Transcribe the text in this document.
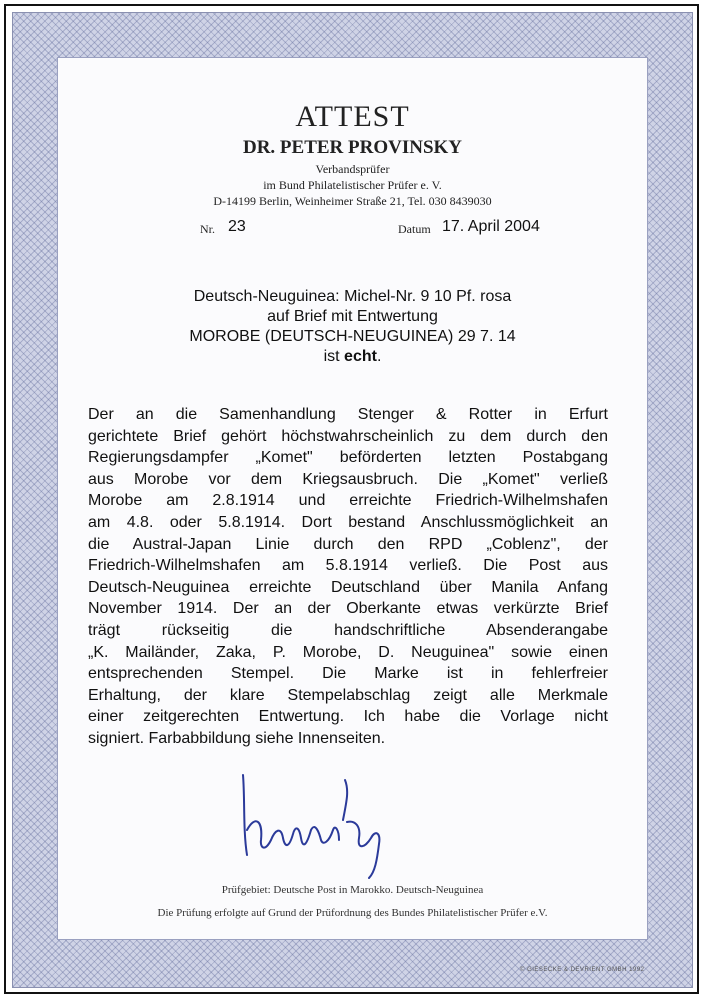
ATTEST
DR. PETER PROVINSKY
Verbandsprüfer
im Bund Philatelistischer Prüfer e. V.
D-14199 Berlin, Weinheimer Straße 21, Tel. 030 8439030
Nr. 23	Datum 17. April 2004
Deutsch-Neuguinea: Michel-Nr. 9 10 Pf. rosa
auf Brief mit Entwertung
MOROBE (DEUTSCH-NEUGUINEA) 29 7. 14
ist echt.
Der an die Samenhandlung Stenger & Rotter in Erfurt
gerichtete Brief gehört höchstwahrscheinlich zu dem durch den
Regierungsdampfer „Komet" beförderten letzten Postabgang
aus Morobe vor dem Kriegsausbruch. Die „Komet" verließ
Morobe am 2.8.1914 und erreichte Friedrich-Wilhelmshafen
am 4.8. oder 5.8.1914. Dort bestand Anschlussmöglichkeit an
die Austral-Japan Linie durch den RPD „Coblenz", der
Friedrich-Wilhelmshafen am 5.8.1914 verließ. Die Post aus
Deutsch-Neuguinea erreichte Deutschland über Manila Anfang
November 1914. Der an der Oberkante etwas verkürzte Brief
trägt rückseitig die handschriftliche Absenderangabe
„K. Mailänder, Zaka, P. Morobe, D. Neuguinea" sowie einen
entsprechenden Stempel. Die Marke ist in fehlerfreier
Erhaltung, der klare Stempelabschlag zeigt alle Merkmale
einer zeitgerechten Entwertung. Ich habe die Vorlage nicht
signiert. Farbabbildung siehe Innenseiten.
Prüfgebiet: Deutsche Post in Marokko. Deutsch-Neuguinea
Die Prüfung erfolgte auf Grund der Prüfordnung des Bundes Philatelistischer Prüfer e.V.
© GIESECKE & DEVRIENT GMBH 1992
